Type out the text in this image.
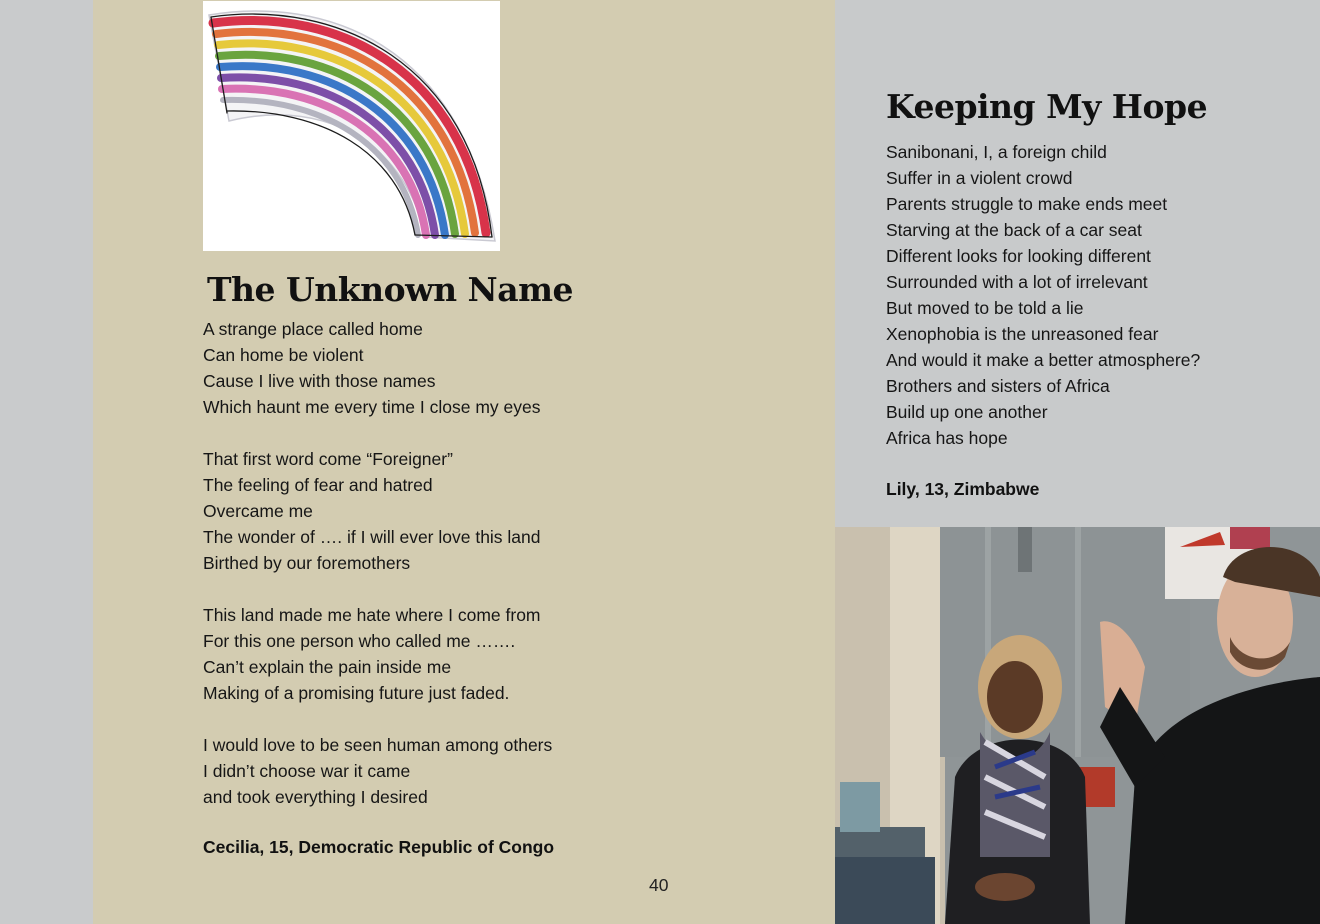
The Unknown Name
A strange place called home
Can home be violent
Cause I live with those names
Which haunt me every time I close my eyes
That first word come “Foreigner”
The feeling of fear and hatred
Overcame me
The wonder of …. if I will ever love this land
Birthed by our foremothers
This land made me hate where I come from
For this one person who called me …….
Can’t explain the pain inside me
Making of a promising future just faded.
I would love to be seen human among others
I didn’t choose war it came
and took everything I desired
Cecilia, 15, Democratic Republic of Congo
40
Keeping My Hope
Sanibonani, I, a foreign child
Suffer in a violent crowd
Parents struggle to make ends meet
Starving at the back of a car seat
Different looks for looking different
Surrounded with a lot of irrelevant
But moved to be told a lie
Xenophobia is the unreasoned fear
And would it make a better atmosphere?
Brothers and sisters of Africa
Build up one another
Africa has hope
Lily, 13, Zimbabwe
